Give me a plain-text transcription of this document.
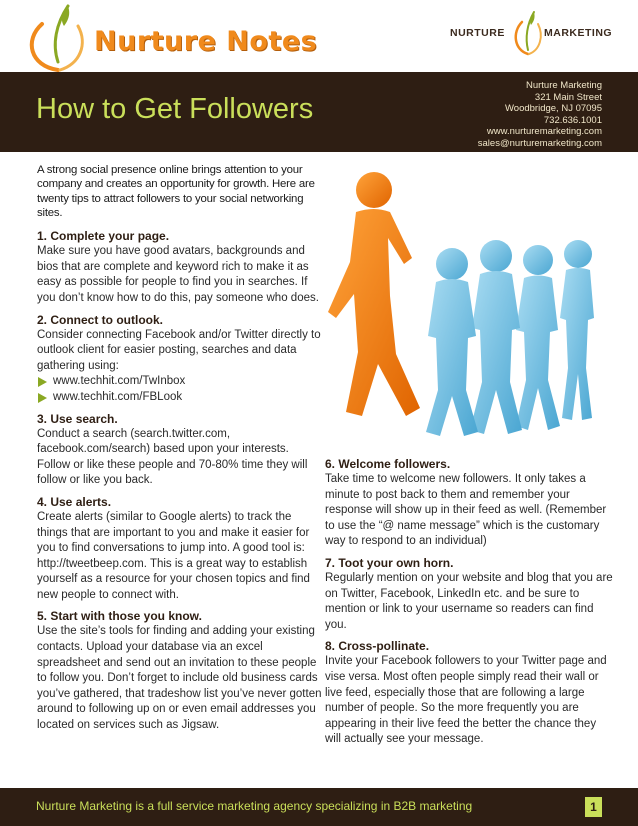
Nurture Notes	NURTURE	MARKETING
How to Get Followers
Nurture Marketing
321 Main Street
Woodbridge, NJ 07095
732.636.1001
www.nurturemarketing.com
sales@nurturemarketing.com

A strong social presence online brings attention to your company and creates an opportunity for growth. Here are twenty tips to attract followers to your social networking sites.

1. Complete your page.
Make sure you have good avatars, backgrounds and bios that are complete and keyword rich to make it as easy as possible for people to find you in searches. If you don’t know how to do this, pay someone who does.
2. Connect to outlook.
Consider connecting Facebook and/or Twitter directly to outlook client for easier posting, searches and data gathering using:
www.techhit.com/TwInbox
www.techhit.com/FBLook
3. Use search.
Conduct a search (search.twitter.com, facebook.com/search) based upon your interests. Follow or like these people and 70-80% time they will follow or like you back.
4. Use alerts.
Create alerts (similar to Google alerts) to track the things that are important to you and make it easier for you to find conversations to jump into. A good tool is: http://tweetbeep.com. This is a great way to establish yourself as a resource for your chosen topics and find new people to connect with.
5. Start with those you know.
Use the site’s tools for finding and adding your existing contacts. Upload your database via an excel spreadsheet and send out an invitation to these people to follow you. Don’t forget to include old business cards you’ve gathered, that tradeshow list you’ve never gotten around to following up on or even email addresses you located on services such as Jigsaw.
6. Welcome followers.
Take time to welcome new followers. It only takes a minute to post back to them and remember your response will show up in their feed as well. (Remember to use the “@ name message” which is the customary way to respond to an individual)
7. Toot your own horn.
Regularly mention on your website and blog that you are on Twitter, Facebook, LinkedIn etc. and be sure to mention or link to your username so readers can find you.
8. Cross-pollinate.
Invite your Facebook followers to your Twitter page and vise versa. Most often people simply read their wall or live feed, especially those that are following a large number of people. So the more frequently you are appearing in their live feed the better the chance they will actually see your message.
Nurture Marketing is a full service marketing agency specializing in B2B marketing	1
